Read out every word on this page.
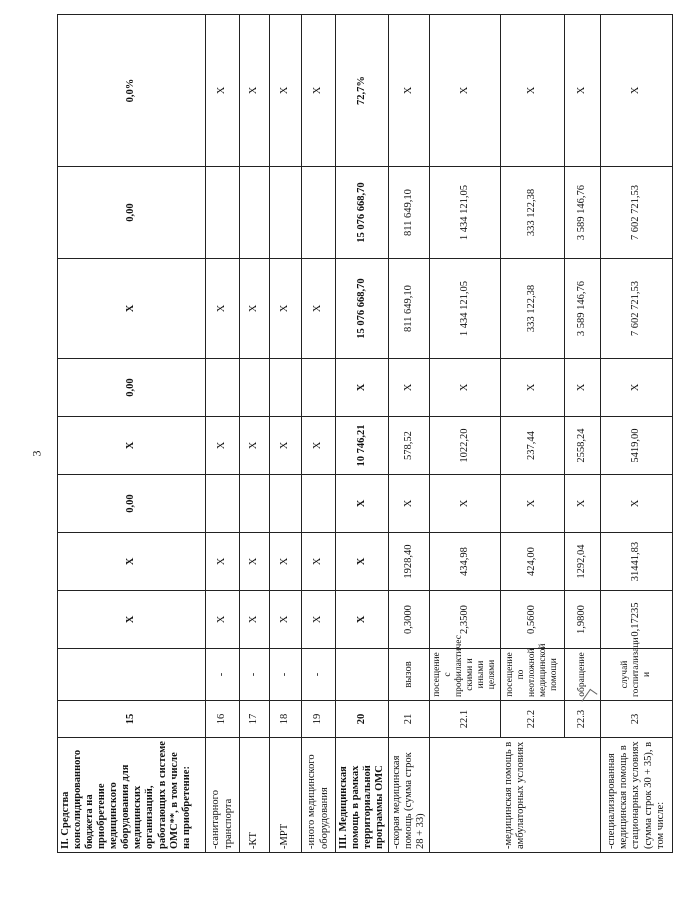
3
II. Средства консолидированного бюджета на приобретение медицинского оборудования для медицинских организаций, работающих в системе ОМС**, в том числе на приобретение:	15		X	X	0,00	X	0,00	X	0,00	0,0%
-санитарного транспорта	16	-	X	X		X		X		X
-КТ	17	-	X	X		X		X		X
-МРТ	18	-	X	X		X		X		X
-иного медицинского оборудования	19	-	X	X		X		X		X
III. Медицинская помощь в рамках территориальной программы ОМС	20		X	X	X	10 746,21	X	15 076 668,70	15 076 668,70	72,7%
-скорая медицинская помощь (сумма строк 28 + 33)	21	вызов	0,3000	1928,40	X	578,52	X	811 649,10	811 649,10	X
-медицинская помощь в амбулаторных условиях	22.1	посещение с профилактичес скими и иными целями	2,3500	434,98	X	1022,20	X	1 434 121,05	1 434 121,05	X
	22.2	посещение по неотложной медицинской помощи	0,5600	424,00	X	237,44	X	333 122,38	333 122,38	X
	22.3	обращение	1,9800	1292,04	X	2558,24	X	3 589 146,76	3 589 146,76	X
-специализированная медицинская помощь в стационарных условиях (сумма строк 30 + 35), в том числе:	23	случай госпитализаци и	0,17235	31441,83	X	5419,00	X	7 602 721,53	7 602 721,53	X
